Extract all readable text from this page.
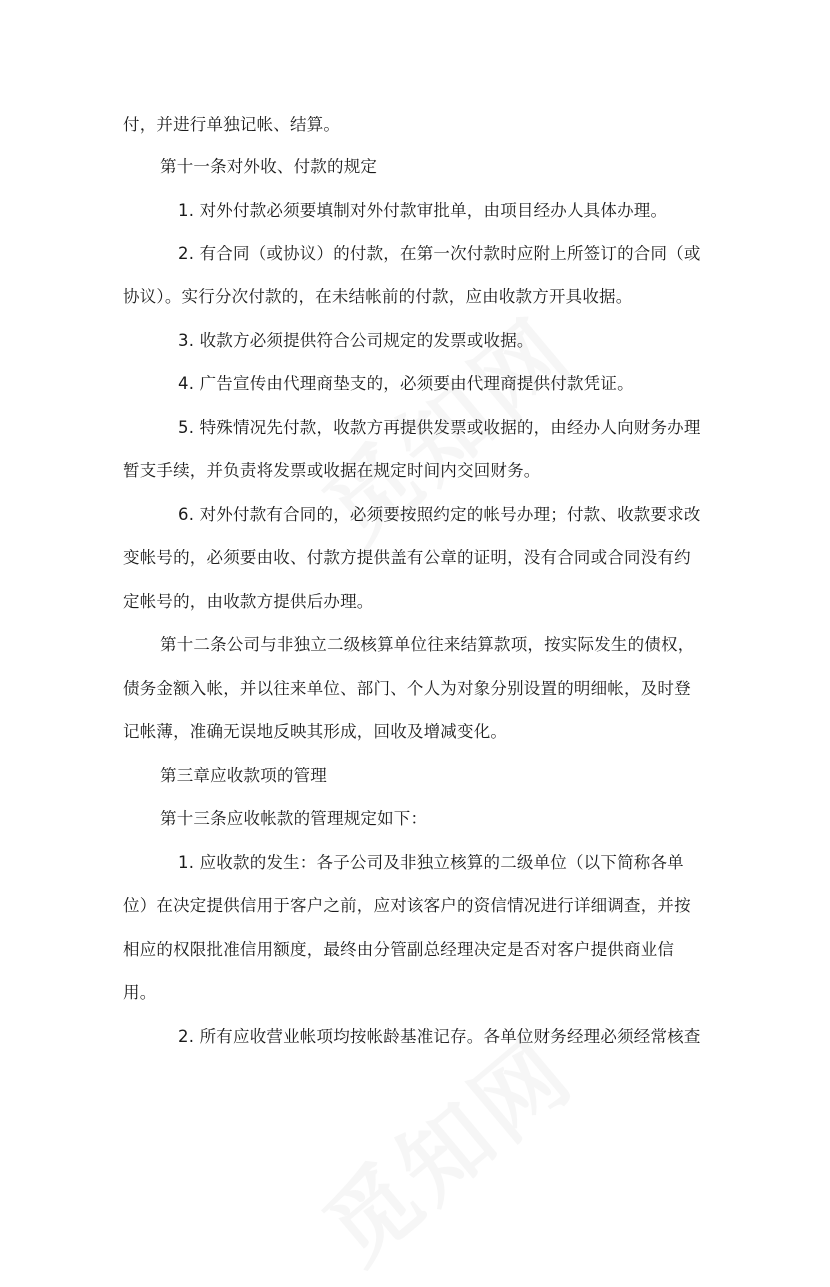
付，并进行单独记帐、结算。
第十一条对外收、付款的规定
1. 对外付款必须要填制对外付款审批单，由项目经办人具体办理。
2. 有合同（或协议）的付款，在第一次付款时应附上所签订的合同（或
协议）。实行分次付款的，在未结帐前的付款，应由收款方开具收据。
3. 收款方必须提供符合公司规定的发票或收据。
4. 广告宣传由代理商垫支的，必须要由代理商提供付款凭证。
5. 特殊情况先付款，收款方再提供发票或收据的，由经办人向财务办理
暂支手续，并负责将发票或收据在规定时间内交回财务。
6. 对外付款有合同的，必须要按照约定的帐号办理；付款、收款要求改
变帐号的，必须要由收、付款方提供盖有公章的证明，没有合同或合同没有约
定帐号的，由收款方提供后办理。
第十二条公司与非独立二级核算单位往来结算款项，按实际发生的债权，
债务金额入帐，并以往来单位、部门、个人为对象分别设置的明细帐，及时登
记帐薄，准确无误地反映其形成，回收及增减变化。
第三章应收款项的管理
第十三条应收帐款的管理规定如下：
1. 应收款的发生：各子公司及非独立核算的二级单位（以下简称各单
位）在决定提供信用于客户之前，应对该客户的资信情况进行详细调查，并按
相应的权限批准信用额度，最终由分管副总经理决定是否对客户提供商业信
用。
2. 所有应收营业帐项均按帐龄基准记存。各单位财务经理必须经常核查
